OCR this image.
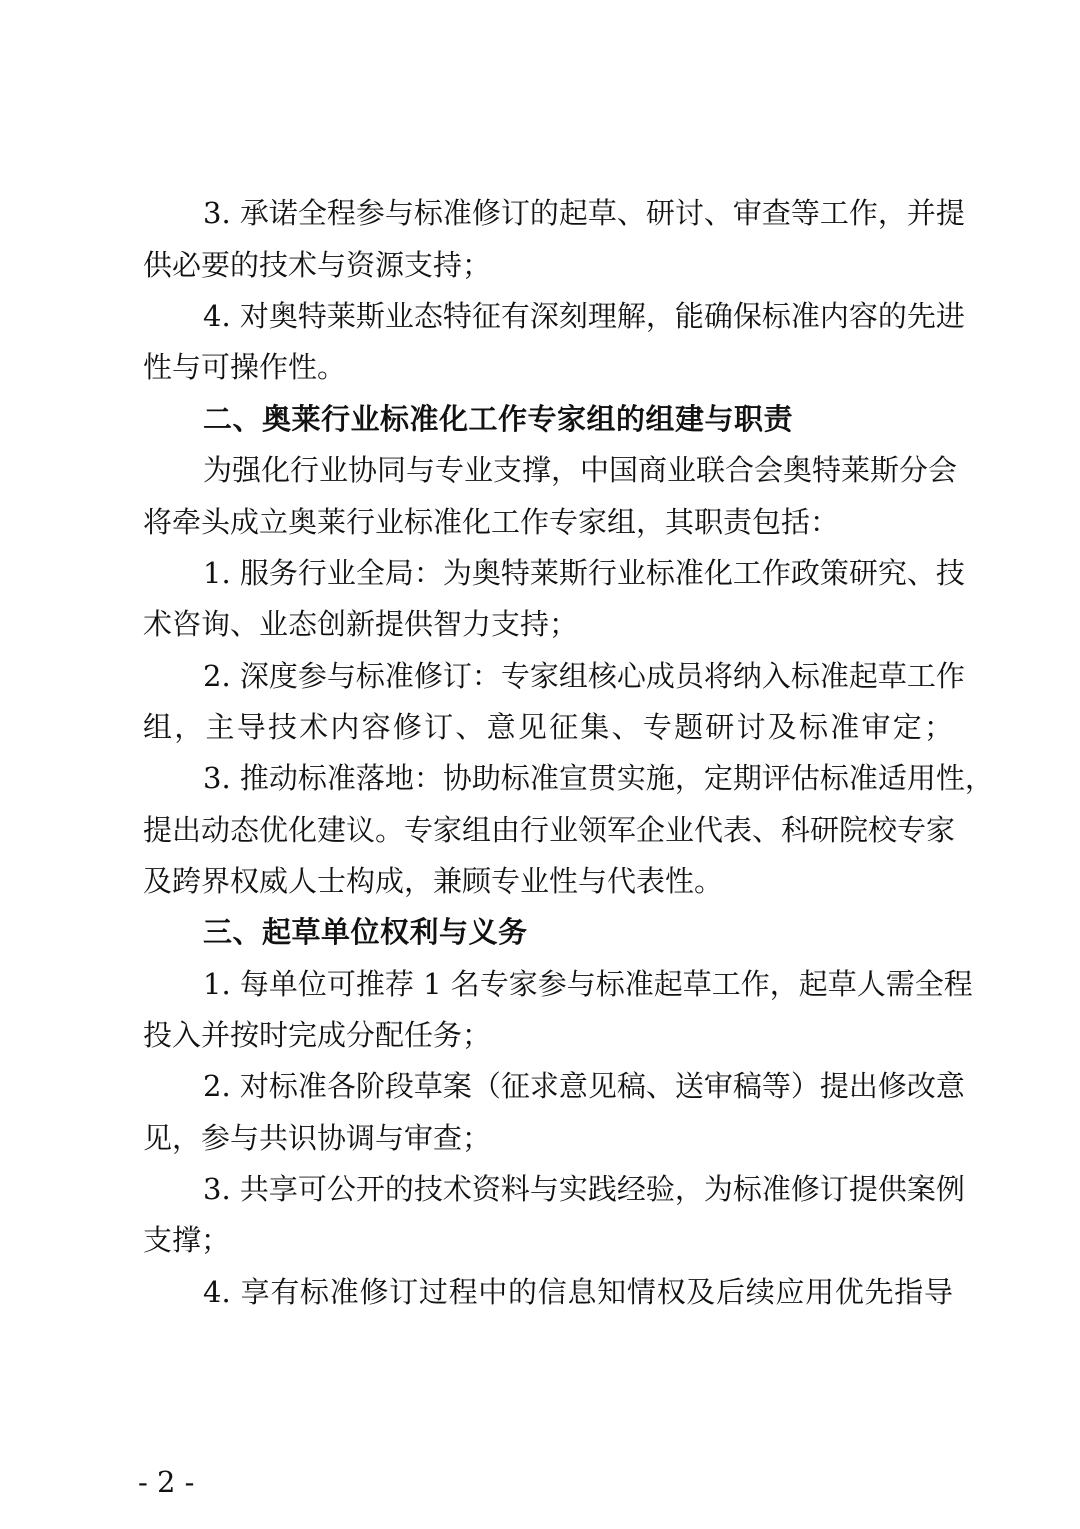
3. 承诺全程参与标准修订的起草、研讨、审查等工作，并提
供必要的技术与资源支持；
4. 对奥特莱斯业态特征有深刻理解，能确保标准内容的先进
性与可操作性。
二、奥莱行业标准化工作专家组的组建与职责
为强化行业协同与专业支撑，中国商业联合会奥特莱斯分会
将牵头成立奥莱行业标准化工作专家组，其职责包括：
1. 服务行业全局：为奥特莱斯行业标准化工作政策研究、技
术咨询、业态创新提供智力支持；
2. 深度参与标准修订：专家组核心成员将纳入标准起草工作
组，主导技术内容修订、意见征集、专题研讨及标准审定；
3. 推动标准落地：协助标准宣贯实施，定期评估标准适用性，
提出动态优化建议。专家组由行业领军企业代表、科研院校专家
及跨界权威人士构成，兼顾专业性与代表性。
三、起草单位权利与义务
1. 每单位可推荐 1 名专家参与标准起草工作，起草人需全程
投入并按时完成分配任务；
2. 对标准各阶段草案（征求意见稿、送审稿等）提出修改意
见，参与共识协调与审查；
3. 共享可公开的技术资料与实践经验，为标准修订提供案例
支撑；
4. 享有标准修订过程中的信息知情权及后续应用优先指导
- 2 -
